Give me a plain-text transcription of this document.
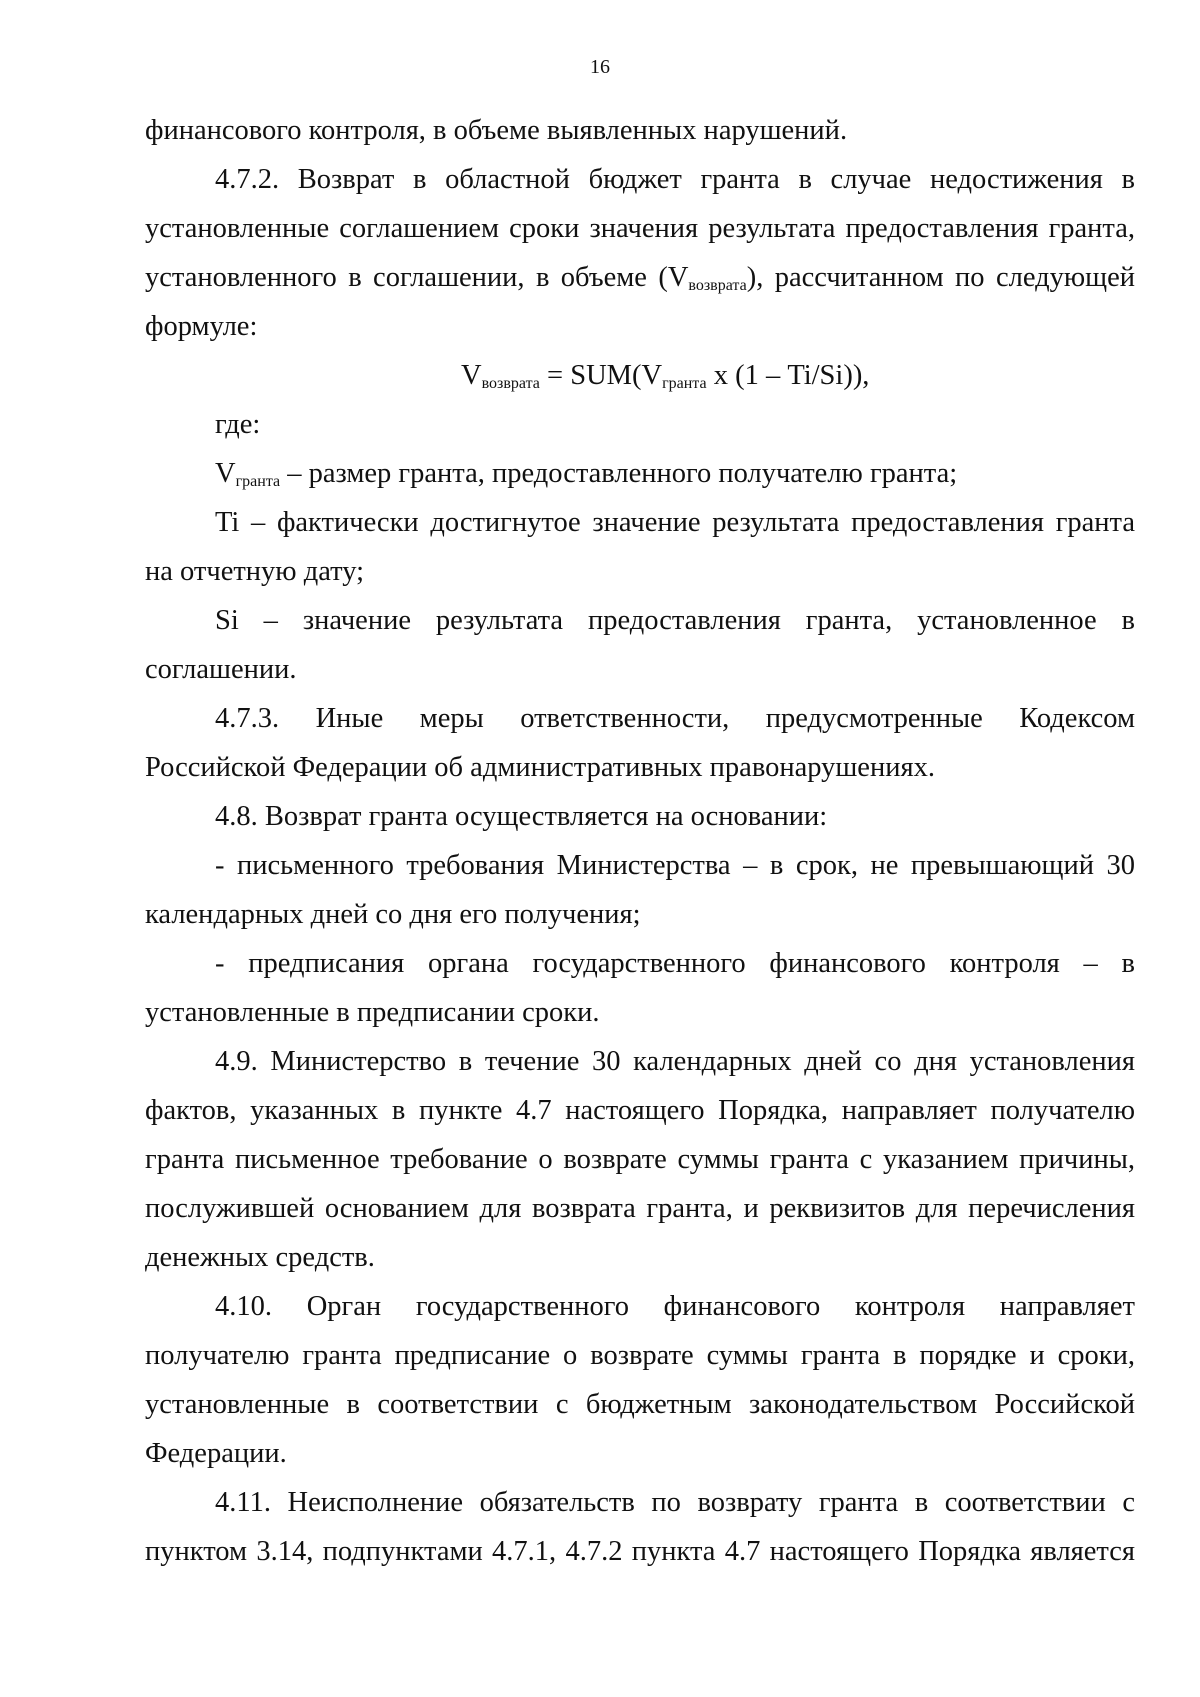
16

финансового контроля, в объеме выявленных нарушений.

4.7.2. Возврат в областной бюджет гранта в случае недостижения в установленные соглашением сроки значения результата предоставления гранта, установленного в соглашении, в объеме $(V_{возврата})$, рассчитанном по следующей формуле:

$V_{возврата} = SUM(V_{гранта}$ х (1 – Ti/Si)),

где:

$V_{гранта}$ – размер гранта, предоставленного получателю гранта;

Ti – фактически достигнутое значение результата предоставления гранта на отчетную дату;

Si – значение результата предоставления гранта, установленное в соглашении.

4.7.3. Иные меры ответственности, предусмотренные Кодексом Российской Федерации об административных правонарушениях.

4.8. Возврат гранта осуществляется на основании:

- письменного требования Министерства – в срок, не превышающий 30 календарных дней со дня его получения;

- предписания органа государственного финансового контроля – в установленные в предписании сроки.

4.9. Министерство в течение 30 календарных дней со дня установления фактов, указанных в пункте 4.7 настоящего Порядка, направляет получателю гранта письменное требование о возврате суммы гранта с указанием причины, послужившей основанием для возврата гранта, и реквизитов для перечисления денежных средств.

4.10. Орган государственного финансового контроля направляет получателю гранта предписание о возврате суммы гранта в порядке и сроки, установленные в соответствии с бюджетным законодательством Российской Федерации.

4.11. Неисполнение обязательств по возврату гранта в соответствии с пунктом 3.14, подпунктами 4.7.1, 4.7.2 пункта 4.7 настоящего Порядка является
